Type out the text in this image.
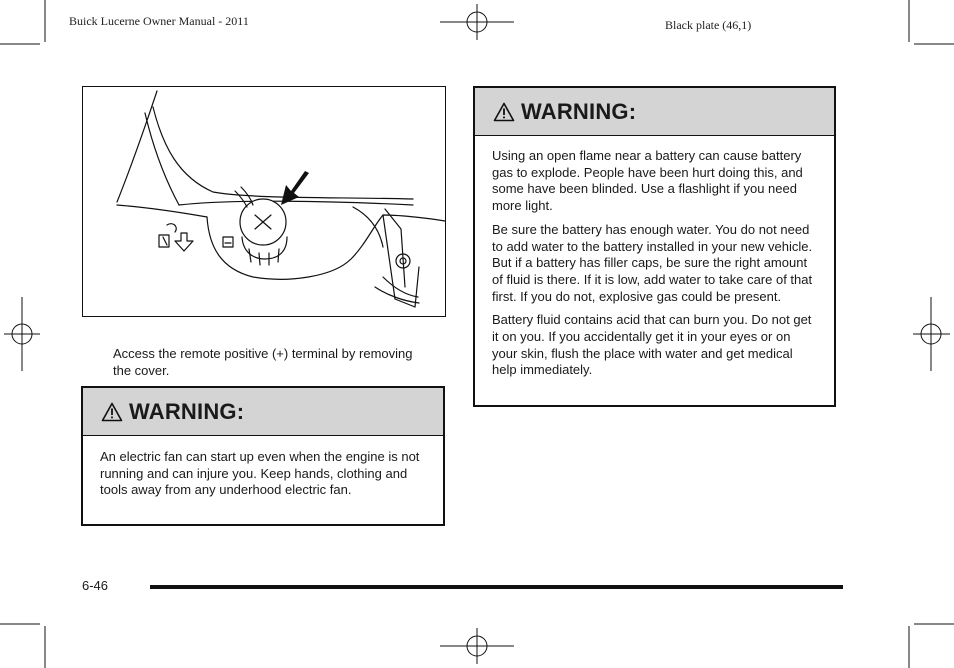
Buick Lucerne Owner Manual - 2011	Black plate (46,1)
Access the remote positive (+) terminal by removing the cover.
WARNING:

An electric fan can start up even when the engine is not running and can injure you. Keep hands, clothing and tools away from any underhood electric fan.

WARNING:

Using an open flame near a battery can cause battery gas to explode. People have been hurt doing this, and some have been blinded. Use a flashlight if you need more light.

Be sure the battery has enough water. You do not need to add water to the battery installed in your new vehicle. But if a battery has filler caps, be sure the right amount of fluid is there. If it is low, add water to take care of that first. If you do not, explosive gas could be present.

Battery fluid contains acid that can burn you. Do not get it on you. If you accidentally get it in your eyes or on your skin, flush the place with water and get medical help immediately.

6-46
